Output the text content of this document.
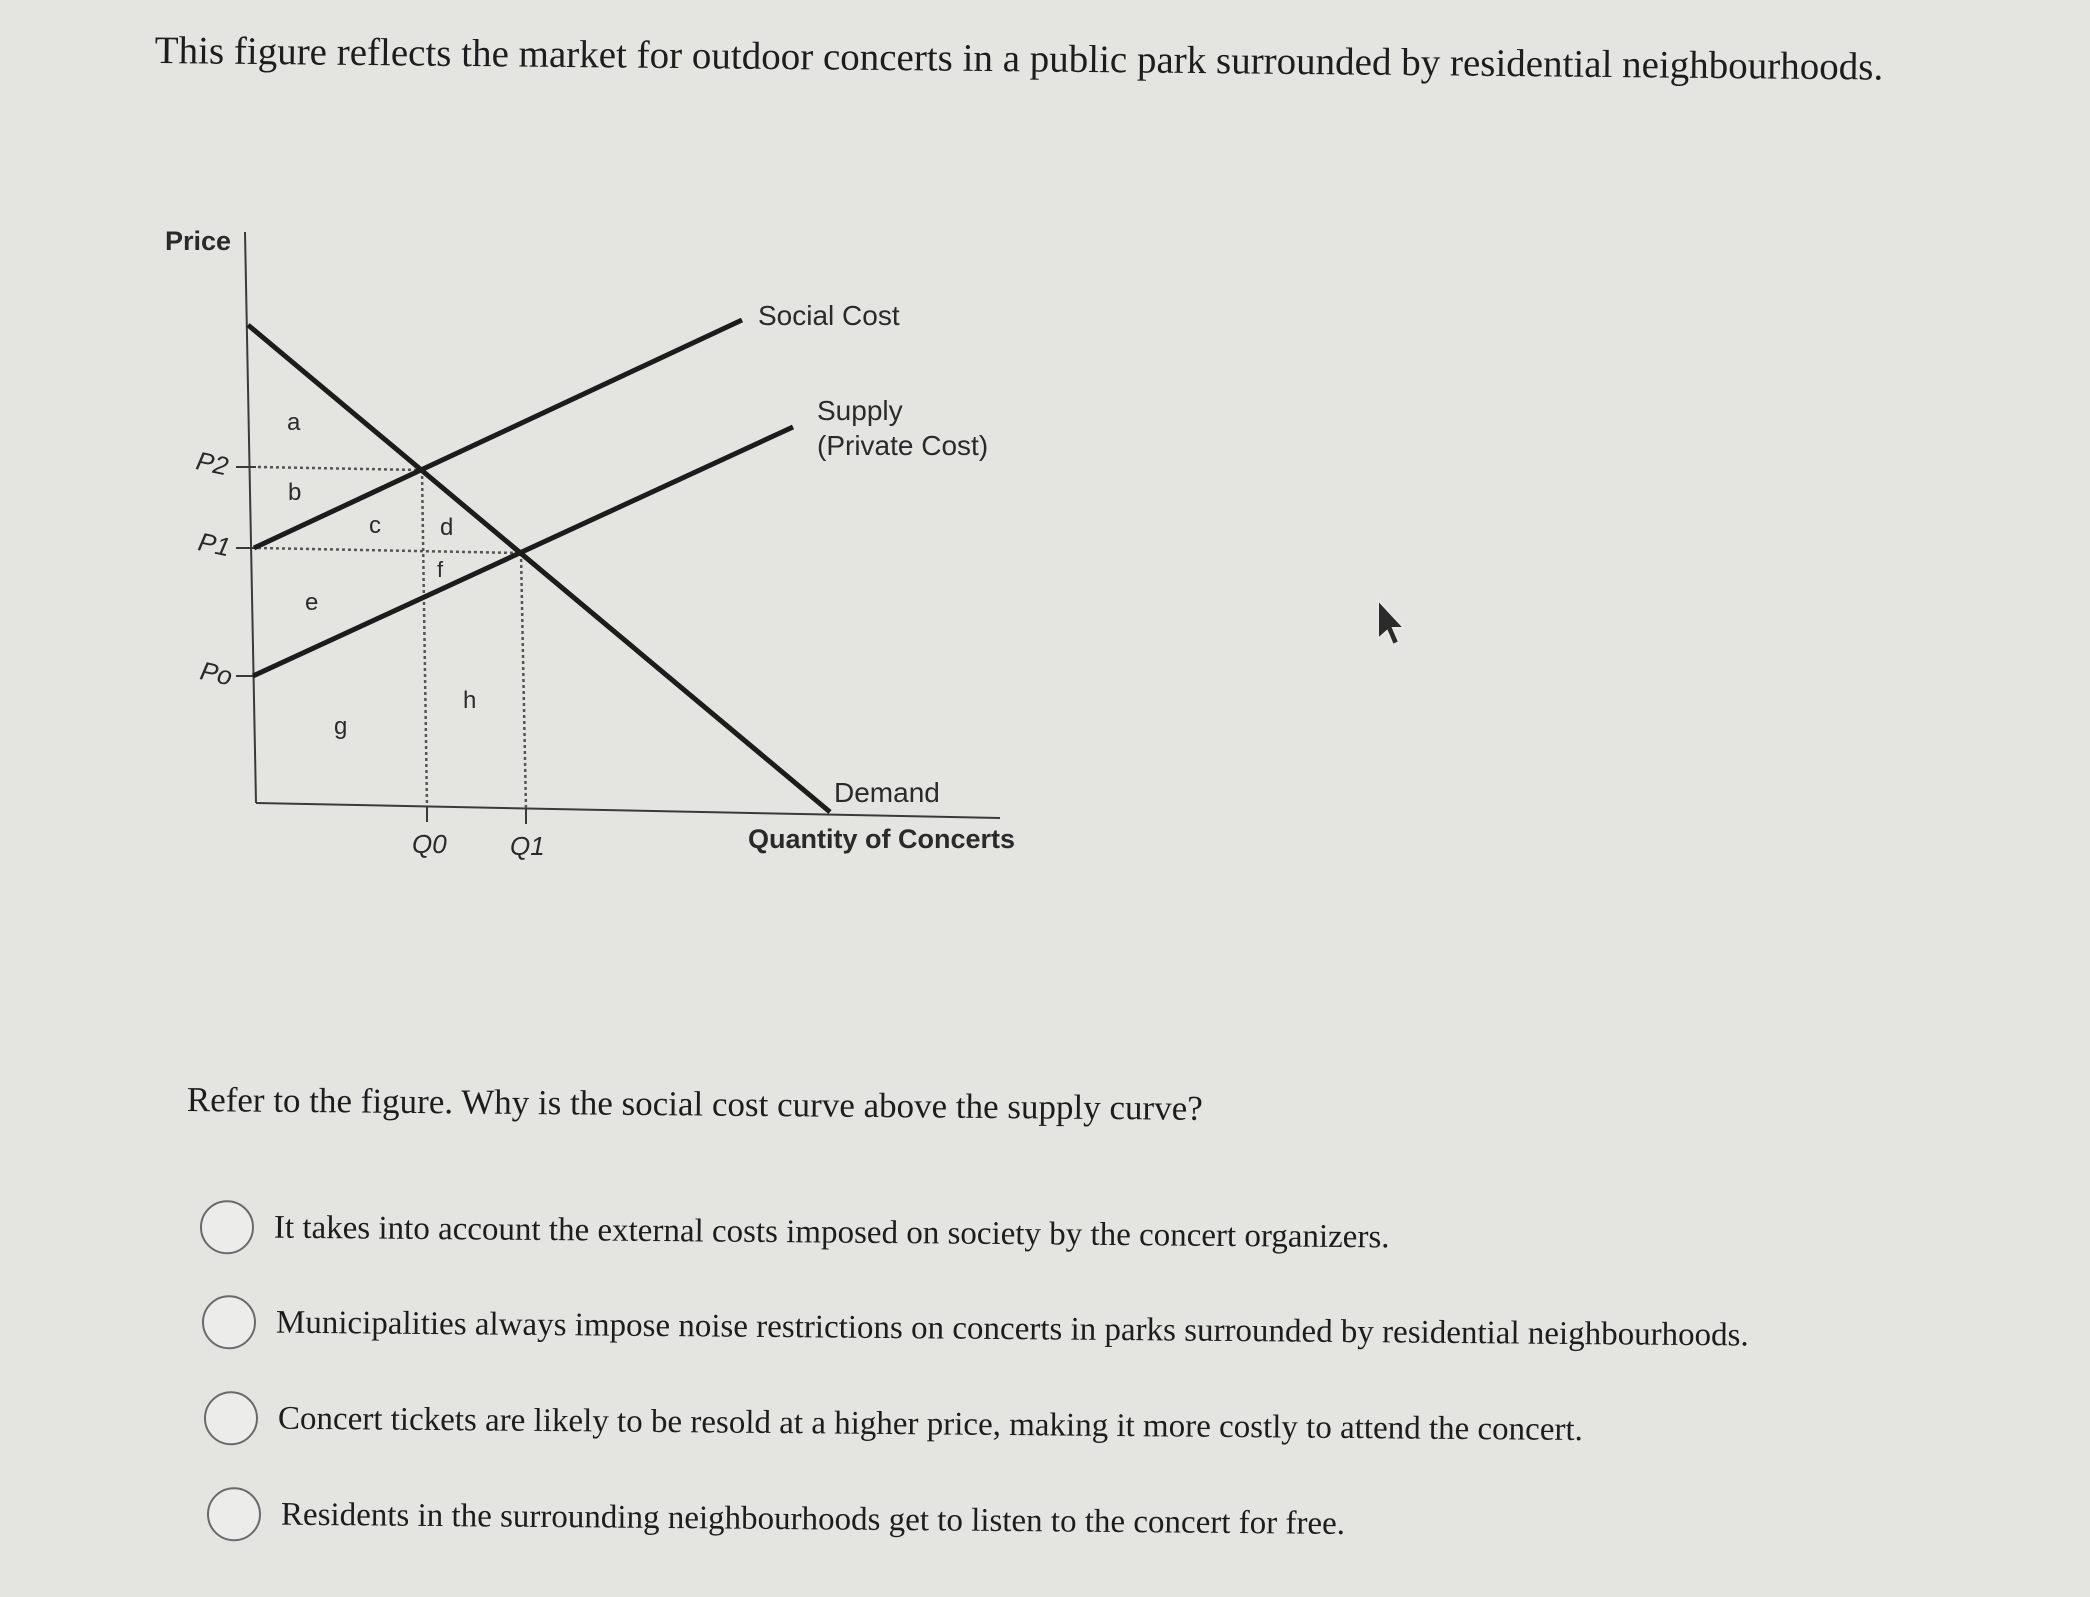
This figure reflects the market for outdoor concerts in a public park surrounded by residential neighbourhoods.
Price
Quantity of Concerts
P2
P1
Po
Q0 Q1
Social Cost
Supply
(Private Cost)
Demand
a
b
c d
e
f
g
h
Refer to the figure. Why is the social cost curve above the supply curve?
It takes into account the external costs imposed on society by the concert organizers.
Municipalities always impose noise restrictions on concerts in parks surrounded by residential neighbourhoods.
Concert tickets are likely to be resold at a higher price, making it more costly to attend the concert.
Residents in the surrounding neighbourhoods get to listen to the concert for free.
